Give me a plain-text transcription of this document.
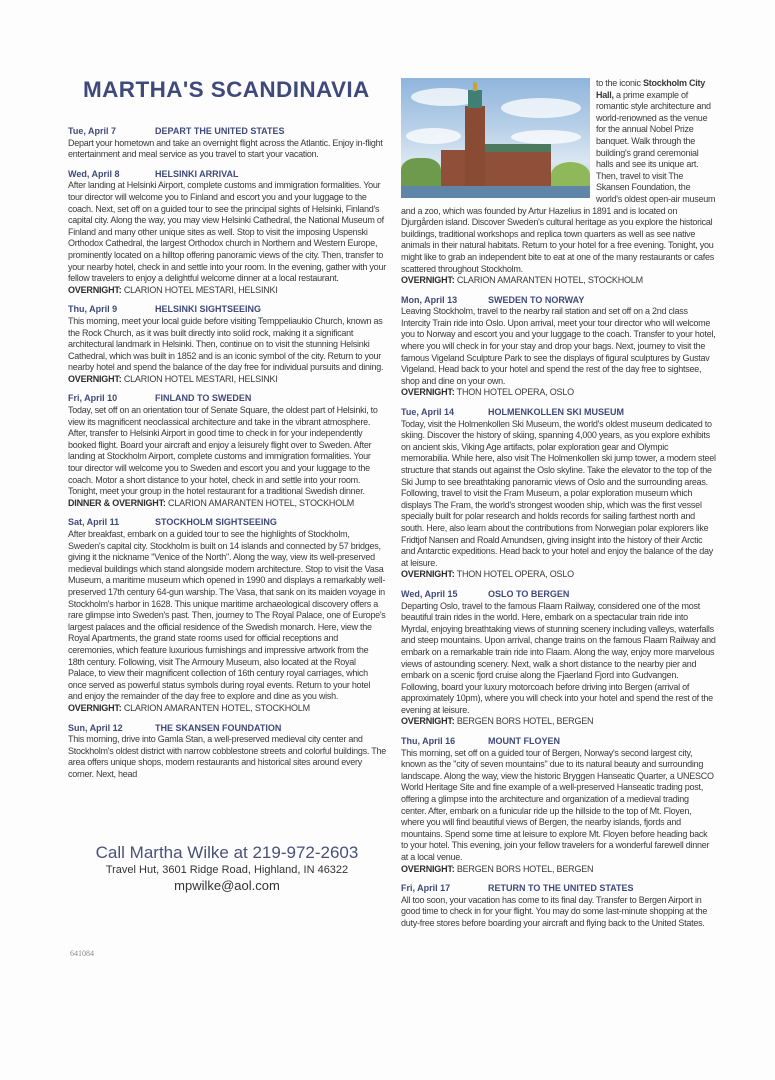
MARTHA'S SCANDINAVIA
Tue, April 7	DEPART THE UNITED STATES

Depart your hometown and take an overnight flight across the Atlantic. Enjoy in-flight entertainment and meal service as you travel to start your vacation.

Wed, April 8	HELSINKI ARRIVAL

After landing at Helsinki Airport, complete customs and immigration formalities. Your tour director will welcome you to Finland and escort you and your luggage to the coach. Next, set off on a guided tour to see the principal sights of Helsinki, Finland's capital city. Along the way, you may view Helsinki Cathedral, the National Museum of Finland and many other unique sites as well. Stop to visit the imposing Uspenski Orthodox Cathedral, the largest Orthodox church in Northern and Western Europe, prominently located on a hilltop offering panoramic views of the city. Then, transfer to your nearby hotel, check in and settle into your room. In the evening, gather with your fellow travelers to enjoy a delightful welcome dinner at a local restaurant.

OVERNIGHT: CLARION HOTEL MESTARI, HELSINKI
Thu, April 9	HELSINKI SIGHTSEEING

This morning, meet your local guide before visiting Temppeliaukio Church, known as the Rock Church, as it was built directly into solid rock, making it a significant architectural landmark in Helsinki. Then, continue on to visit the stunning Helsinki Cathedral, which was built in 1852 and is an iconic symbol of the city. Return to your nearby hotel and spend the balance of the day free for individual pursuits and dining.

OVERNIGHT: CLARION HOTEL MESTARI, HELSINKI
Fri, April 10	FINLAND TO SWEDEN

Today, set off on an orientation tour of Senate Square, the oldest part of Helsinki, to view its magnificent neoclassical architecture and take in the vibrant atmosphere. After, transfer to Helsinki Airport in good time to check in for your independently booked flight. Board your aircraft and enjoy a leisurely flight over to Sweden. After landing at Stockholm Airport, complete customs and immigration formalities. Your tour director will welcome you to Sweden and escort you and your luggage to the coach. Motor a short distance to your hotel, check in and settle into your room. Tonight, meet your group in the hotel restaurant for a traditional Swedish dinner.

DINNER & OVERNIGHT: CLARION AMARANTEN HOTEL, STOCKHOLM
Sat, April 11	STOCKHOLM SIGHTSEEING

After breakfast, embark on a guided tour to see the highlights of Stockholm, Sweden's capital city. Stockholm is built on 14 islands and connected by 57 bridges, giving it the nickname "Venice of the North". Along the way, view its well-preserved medieval buildings which stand alongside modern architecture. Stop to visit the Vasa Museum, a maritime museum which opened in 1990 and displays a remarkably well-preserved 17th century 64-gun warship. The Vasa, that sank on its maiden voyage in Stockholm's harbor in 1628. This unique maritime archaeological discovery offers a rare glimpse into Sweden's past. Then, journey to The Royal Palace, one of Europe's largest palaces and the official residence of the Swedish monarch. Here, view the Royal Apartments, the grand state rooms used for official receptions and ceremonies, which feature luxurious furnishings and impressive artwork from the 18th century. Following, visit The Armoury Museum, also located at the Royal Palace, to view their magnificent collection of 16th century royal carriages, which once served as powerful status symbols during royal events. Return to your hotel and enjoy the remainder of the day free to explore and dine as you wish.

OVERNIGHT: CLARION AMARANTEN HOTEL, STOCKHOLM
Sun, April 12	THE SKANSEN FOUNDATION

This morning, drive into Gamla Stan, a well-preserved medieval city center and Stockholm's oldest district with narrow cobblestone streets and colorful buildings. The area offers unique shops, modern restaurants and historical sites around every corner. Next, head

Call Martha Wilke at 219-972-2603
Travel Hut, 3601 Ridge Road, Highland, IN 46322
mpwilke@aol.com
641084

to the iconic Stockholm City Hall, a prime example of romantic style architecture and world-renowned as the venue for the annual Nobel Prize banquet. Walk through the building's grand ceremonial halls and see its unique art. Then, travel to visit The Skansen Foundation, the world's oldest open-air museum and a zoo, which was founded by Artur Hazelius in 1891 and is located on Djurgården island. Discover Sweden's cultural heritage as you explore the historical buildings, traditional workshops and replica town quarters as well as see native animals in their natural habitats. Return to your hotel for a free evening. Tonight, you might like to grab an independent bite to eat at one of the many restaurants or cafes scattered throughout Stockholm.

OVERNIGHT: CLARION AMARANTEN HOTEL, STOCKHOLM
Mon, April 13	SWEDEN TO NORWAY

Leaving Stockholm, travel to the nearby rail station and set off on a 2nd class Intercity Train ride into Oslo. Upon arrival, meet your tour director who will welcome you to Norway and escort you and your luggage to the coach. Transfer to your hotel, where you will check in for your stay and drop your bags. Next, journey to visit the famous Vigeland Sculpture Park to see the displays of figural sculptures by Gustav Vigeland. Head back to your hotel and spend the rest of the day free to sightsee, shop and dine on your own.

OVERNIGHT: THON HOTEL OPERA, OSLO
Tue, April 14	HOLMENKOLLEN SKI MUSEUM

Today, visit the Holmenkollen Ski Museum, the world's oldest museum dedicated to skiing. Discover the history of skiing, spanning 4,000 years, as you explore exhibits on ancient skis, Viking Age artifacts, polar exploration gear and Olympic memorabilia. While here, also visit The Holmenkollen ski jump tower, a modern steel structure that stands out against the Oslo skyline. Take the elevator to the top of the Ski Jump to see breathtaking panoramic views of Oslo and the surrounding areas. Following, travel to visit the Fram Museum, a polar exploration museum which displays The Fram, the world's strongest wooden ship, which was the first vessel specially built for polar research and holds records for sailing farthest north and south. Here, also learn about the contributions from Norwegian polar explorers like Fridtjof Nansen and Roald Amundsen, giving insight into the history of their Arctic and Antarctic expeditions. Head back to your hotel and enjoy the balance of the day at leisure.

OVERNIGHT: THON HOTEL OPERA, OSLO
Wed, April 15	OSLO TO BERGEN

Departing Oslo, travel to the famous Flaam Railway, considered one of the most beautiful train rides in the world. Here, embark on a spectacular train ride into Myrdal, enjoying breathtaking views of stunning scenery including valleys, waterfalls and steep mountains. Upon arrival, change trains on the famous Flaam Railway and embark on a remarkable train ride into Flaam. Along the way, enjoy more marvelous views of astounding scenery. Next, walk a short distance to the nearby pier and embark on a scenic fjord cruise along the Fjaerland Fjord into Gudvangen. Following, board your luxury motorcoach before driving into Bergen (arrival of approximately 10pm), where you will check into your hotel and spend the rest of the evening at leisure.

OVERNIGHT: BERGEN BORS HOTEL, BERGEN
Thu, April 16	MOUNT FLOYEN

This morning, set off on a guided tour of Bergen, Norway's second largest city, known as the "city of seven mountains" due to its natural beauty and surrounding landscape. Along the way, view the historic Bryggen Hanseatic Quarter, a UNESCO World Heritage Site and fine example of a well-preserved Hanseatic trading post, offering a glimpse into the architecture and organization of a medieval trading center. After, embark on a funicular ride up the hillside to the top of Mt. Floyen, where you will find beautiful views of Bergen, the nearby islands, fjords and mountains. Spend some time at leisure to explore Mt. Floyen before heading back to your hotel. This evening, join your fellow travelers for a wonderful farewell dinner at a local venue.

OVERNIGHT: BERGEN BORS HOTEL, BERGEN
Fri, April 17	RETURN TO THE UNITED STATES

All too soon, your vacation has come to its final day. Transfer to Bergen Airport in good time to check in for your flight. You may do some last-minute shopping at the duty-free stores before boarding your aircraft and flying back to the United States.
